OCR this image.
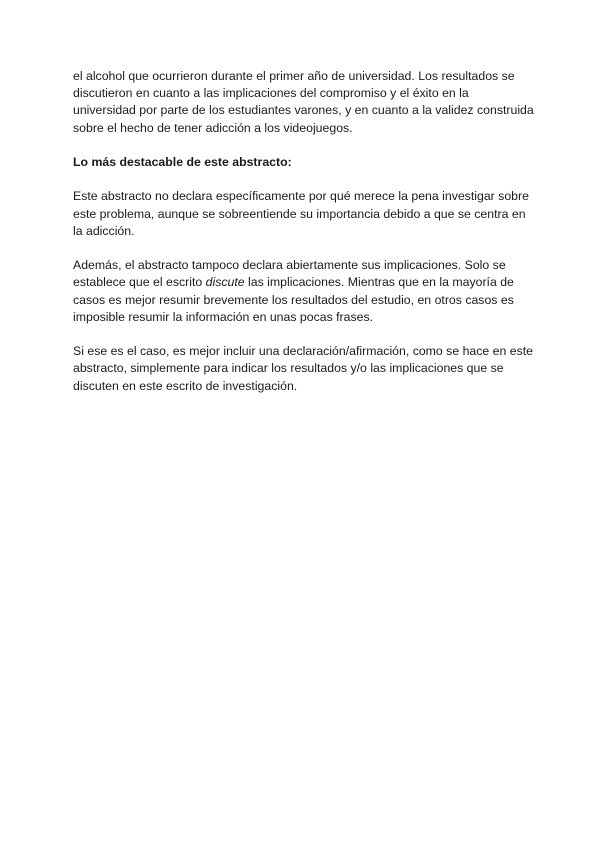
el alcohol que ocurrieron durante el primer año de universidad. Los resultados se discutieron en cuanto a las implicaciones del compromiso y el éxito en la universidad por parte de los estudiantes varones, y en cuanto a la validez construida sobre el hecho de tener adicción a los videojuegos.

Lo más destacable de este abstracto:

Este abstracto no declara específicamente por qué merece la pena investigar sobre este problema, aunque se sobreentiende su importancia debido a que se centra en la adicción.

Además, el abstracto tampoco declara abiertamente sus implicaciones. Solo se establece que el escrito discute las implicaciones. Mientras que en la mayoría de casos es mejor resumir brevemente los resultados del estudio, en otros casos es imposible resumir la información en unas pocas frases.

Si ese es el caso, es mejor incluir una declaración/afirmación, como se hace en este abstracto, simplemente para indicar los resultados y/o las implicaciones que se discuten en este escrito de investigación.
